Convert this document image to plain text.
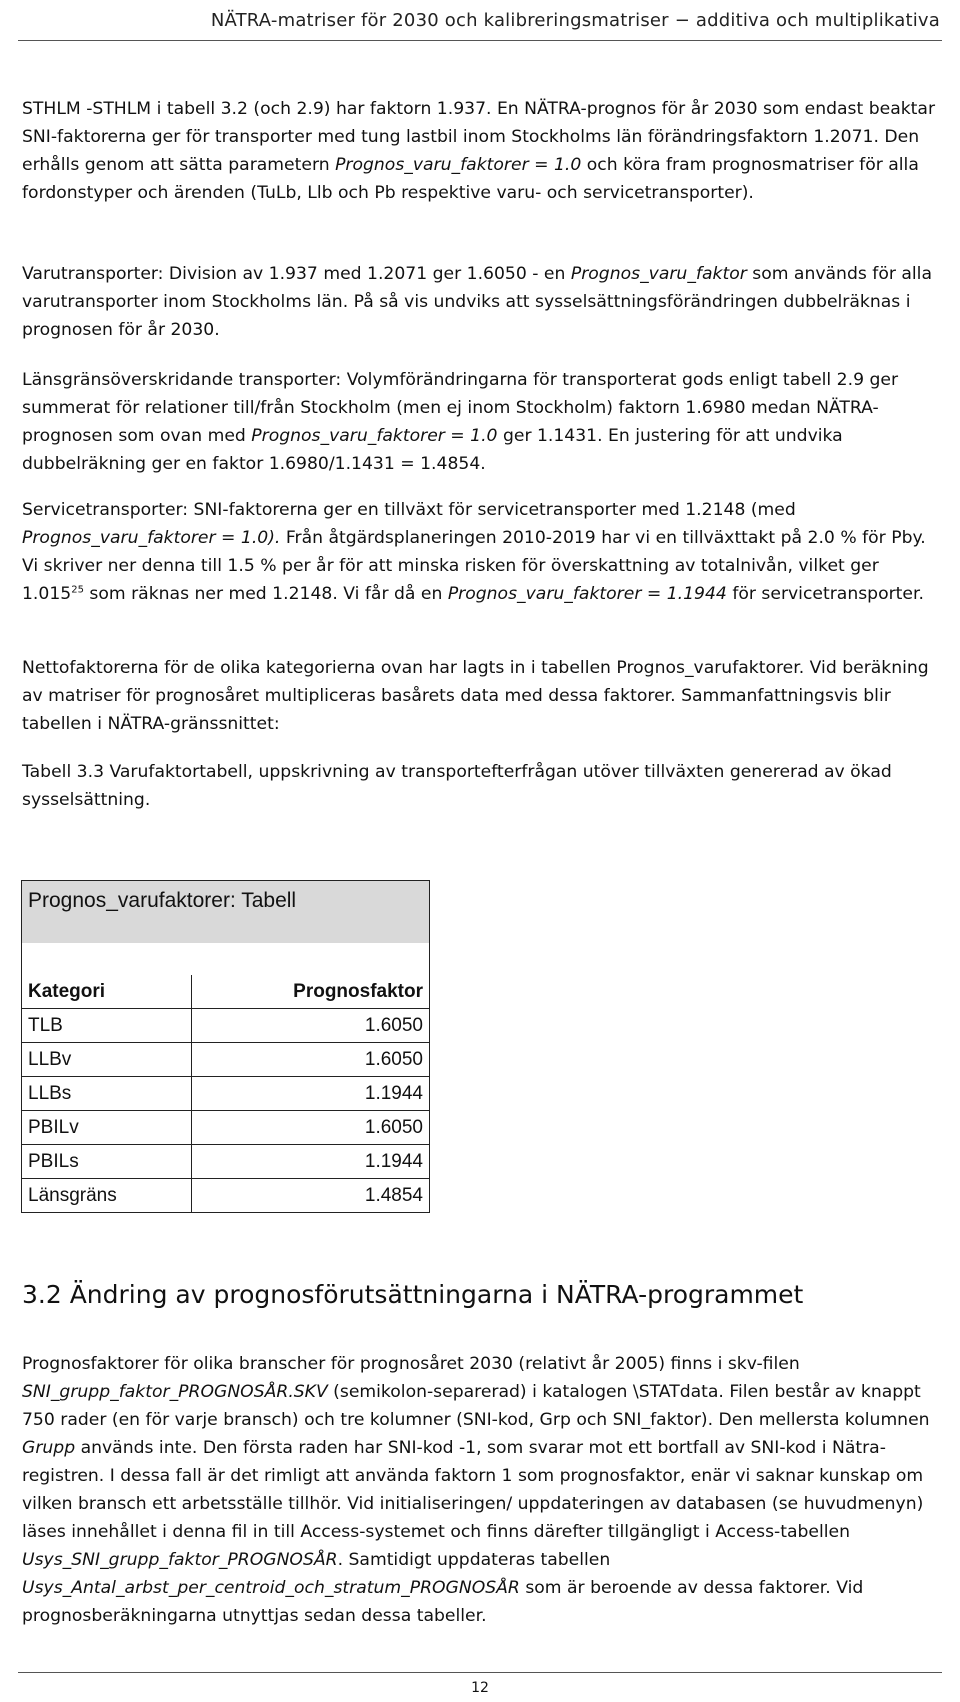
NÄTRA-matriser för 2030 och kalibreringsmatriser − additiva och multiplikativa

STHLM -STHLM i tabell 3.2 (och 2.9) har faktorn 1.937. En NÄTRA-prognos för år 2030 som endast beaktar SNI-faktorerna ger för transporter med tung lastbil inom Stockholms län förändringsfaktorn 1.2071. Den erhålls genom att sätta parametern Prognos_varu_faktorer = 1.0 och köra fram prognosmatriser för alla fordonstyper och ärenden (TuLb, Llb och Pb respektive varu- och servicetransporter).

Varutransporter: Division av 1.937 med 1.2071 ger 1.6050 - en Prognos_varu_faktor som används för alla varutransporter inom Stockholms län. På så vis undviks att sysselsättningsförändringen dubbelräknas i prognosen för år 2030.

Länsgränsöverskridande transporter: Volymförändringarna för transporterat gods enligt tabell 2.9 ger summerat för relationer till/från Stockholm (men ej inom Stockholm) faktorn 1.6980 medan NÄTRA-prognosen som ovan med Prognos_varu_faktorer = 1.0 ger 1.1431. En justering för att undvika dubbelräkning ger en faktor 1.6980/1.1431 = 1.4854.

Servicetransporter: SNI-faktorerna ger en tillväxt för servicetransporter med 1.2148 (med Prognos_varu_faktorer = 1.0). Från åtgärdsplaneringen 2010-2019 har vi en tillväxttakt på 2.0 % för Pby. Vi skriver ner denna till 1.5 % per år för att minska risken för överskattning av totalnivån, vilket ger 1.015$^{25}$ som räknas ner med 1.2148. Vi får då en Prognos_varu_faktorer = 1.1944 för servicetransporter.

Nettofaktorerna för de olika kategorierna ovan har lagts in i tabellen Prognos_varufaktorer. Vid beräkning av matriser för prognosåret multipliceras basårets data med dessa faktorer. Sammanfattningsvis blir tabellen i NÄTRA-gränssnittet:

Tabell 3.3 Varufaktortabell, uppskrivning av transportefterfrågan utöver tillväxten genererad av ökad sysselsättning.

Prognos_varufaktorer: Tabell	

Kategori	Prognosfaktor
TLB	1.6050
LLBv	1.6050
LLBs	1.1944
PBILv	1.6050
PBILs	1.1944
Länsgräns	1.4854
3.2 Ändring av prognosförutsättningarna i NÄTRA-programmet

Prognosfaktorer för olika branscher för prognosåret 2030 (relativt år 2005) finns i skv-filen SNI_grupp_faktor_PROGNOSÅR.SKV (semikolon-separerad) i katalogen \STATdata. Filen består av knappt 750 rader (en för varje bransch) och tre kolumner (SNI-kod, Grp och SNI_faktor). Den mellersta kolumnen Grupp används inte. Den första raden har SNI-kod -1, som svarar mot ett bortfall av SNI-kod i Nätra-registren. I dessa fall är det rimligt att använda faktorn 1 som prognosfaktor, enär vi saknar kunskap om vilken bransch ett arbetsställe tillhör. Vid initialiseringen/ uppdateringen av databasen (se huvudmenyn) läses innehållet i denna fil in till Access-systemet och finns därefter tillgängligt i Access-tabellen Usys_SNI_grupp_faktor_PROGNOSÅR. Samtidigt uppdateras tabellen Usys_Antal_arbst_per_centroid_och_stratum_PROGNOSÅR som är beroende av dessa faktorer. Vid prognosberäkningarna utnyttjas sedan dessa tabeller.

12
